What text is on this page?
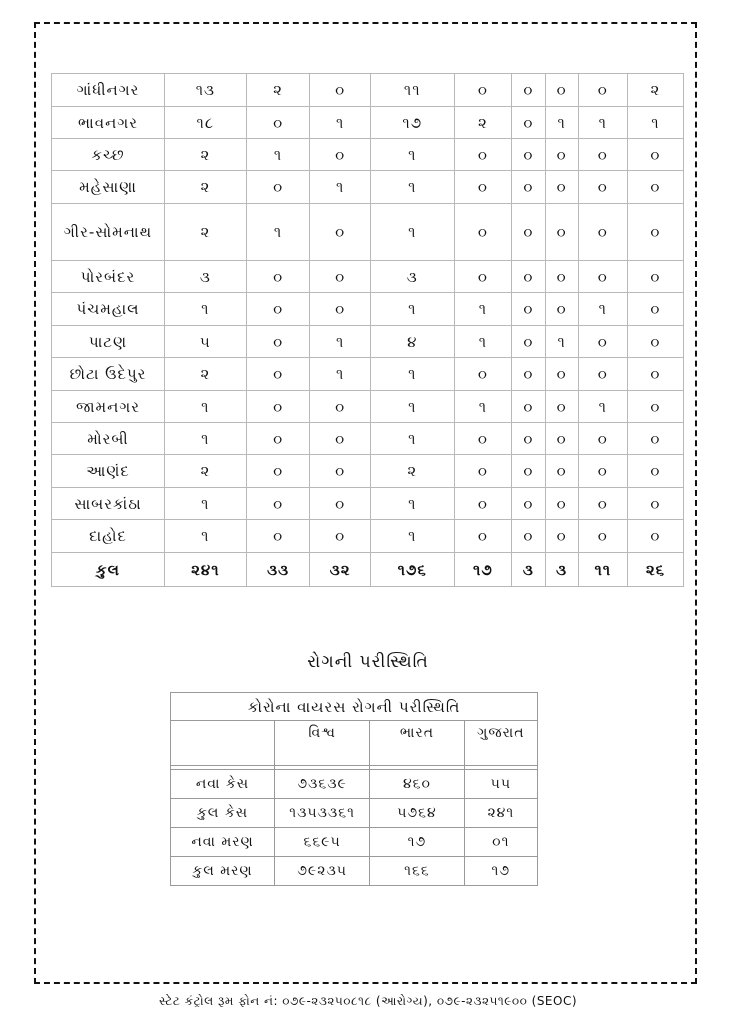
ગાંધીનગર	૧૩	૨	૦	૧૧	૦	૦	૦	૦	૨
ભાવનગર	૧૮	૦	૧	૧૭	૨	૦	૧	૧	૧
કચ્છ	૨	૧	૦	૧	૦	૦	૦	૦	૦
મહેસાણા	૨	૦	૧	૧	૦	૦	૦	૦	૦
ગીર-સોમનાથ	૨	૧	૦	૧	૦	૦	૦	૦	૦
પોરબંદર	૩	૦	૦	૩	૦	૦	૦	૦	૦
પંચમહાલ	૧	૦	૦	૧	૧	૦	૦	૧	૦
પાટણ	૫	૦	૧	૪	૧	૦	૧	૦	૦
છોટા ઉદેપુર	૨	૦	૧	૧	૦	૦	૦	૦	૦
જામનગર	૧	૦	૦	૧	૧	૦	૦	૧	૦
મોરબી	૧	૦	૦	૧	૦	૦	૦	૦	૦
આણંદ	૨	૦	૦	૨	૦	૦	૦	૦	૦
સાબરકાંઠા	૧	૦	૦	૧	૦	૦	૦	૦	૦
દાહોદ	૧	૦	૦	૧	૦	૦	૦	૦	૦
કુલ	૨૪૧	૩૩	૩૨	૧૭૬	૧૭	૩	૩	૧૧	૨૬
રોગની પરીસ્થિતિ
કોરોના વાયરસ રોગની પરીસ્થિતિ			
	વિશ્વ	ભારત	ગુજરાત

નવા કેસ	૭૩૬૩૯	૪૬૦	૫૫
કુલ કેસ	૧૩૫૩૩૬૧	૫૭૬૪	૨૪૧
નવા મરણ	૬૬૯૫	૧૭	૦૧
કુલ મરણ	૭૯૨૩૫	૧૬૬	૧૭
સ્ટેટ કંટ્રોલ રૂમ ફોન નં: ૦૭૯-૨૩૨૫૦૮૧૮ (આરોગ્ય), ૦૭૯-૨૩૨૫૧૯૦૦ (SEOC)
